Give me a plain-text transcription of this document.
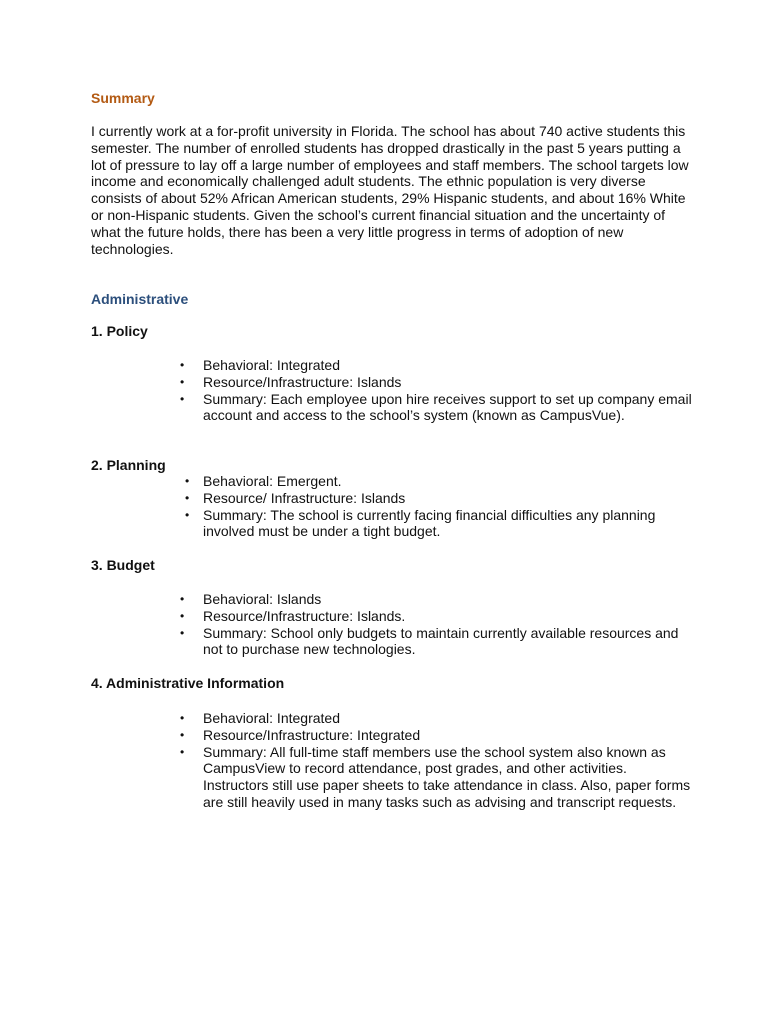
Summary

I currently work at a for-profit university in Florida. The school has about 740 active students this semester. The number of enrolled students has dropped drastically in the past 5 years putting a lot of pressure to lay off a large number of employees and staff members. The school targets low income and economically challenged adult students. The ethnic population is very diverse consists of about 52% African American students, 29% Hispanic students, and about 16% White or non-Hispanic students. Given the school’s current financial situation and the uncertainty of what the future holds, there has been a very little progress in terms of adoption of new technologies.

Administrative
1. Policy
• Behavioral: Integrated
• Resource/Infrastructure: Islands
• Summary: Each employee upon hire receives support to set up company email account and access to the school’s system (known as CampusVue).
2. Planning
• Behavioral: Emergent.
• Resource/ Infrastructure: Islands
• Summary: The school is currently facing financial difficulties any planning involved must be under a tight budget.
3. Budget
• Behavioral: Islands
• Resource/Infrastructure: Islands.
• Summary: School only budgets to maintain currently available resources and not to purchase new technologies.
4. Administrative Information
• Behavioral: Integrated
• Resource/Infrastructure: Integrated
• Summary: All full-time staff members use the school system also known as CampusView to record attendance, post grades, and other activities. Instructors still use paper sheets to take attendance in class. Also, paper forms are still heavily used in many tasks such as advising and transcript requests.
